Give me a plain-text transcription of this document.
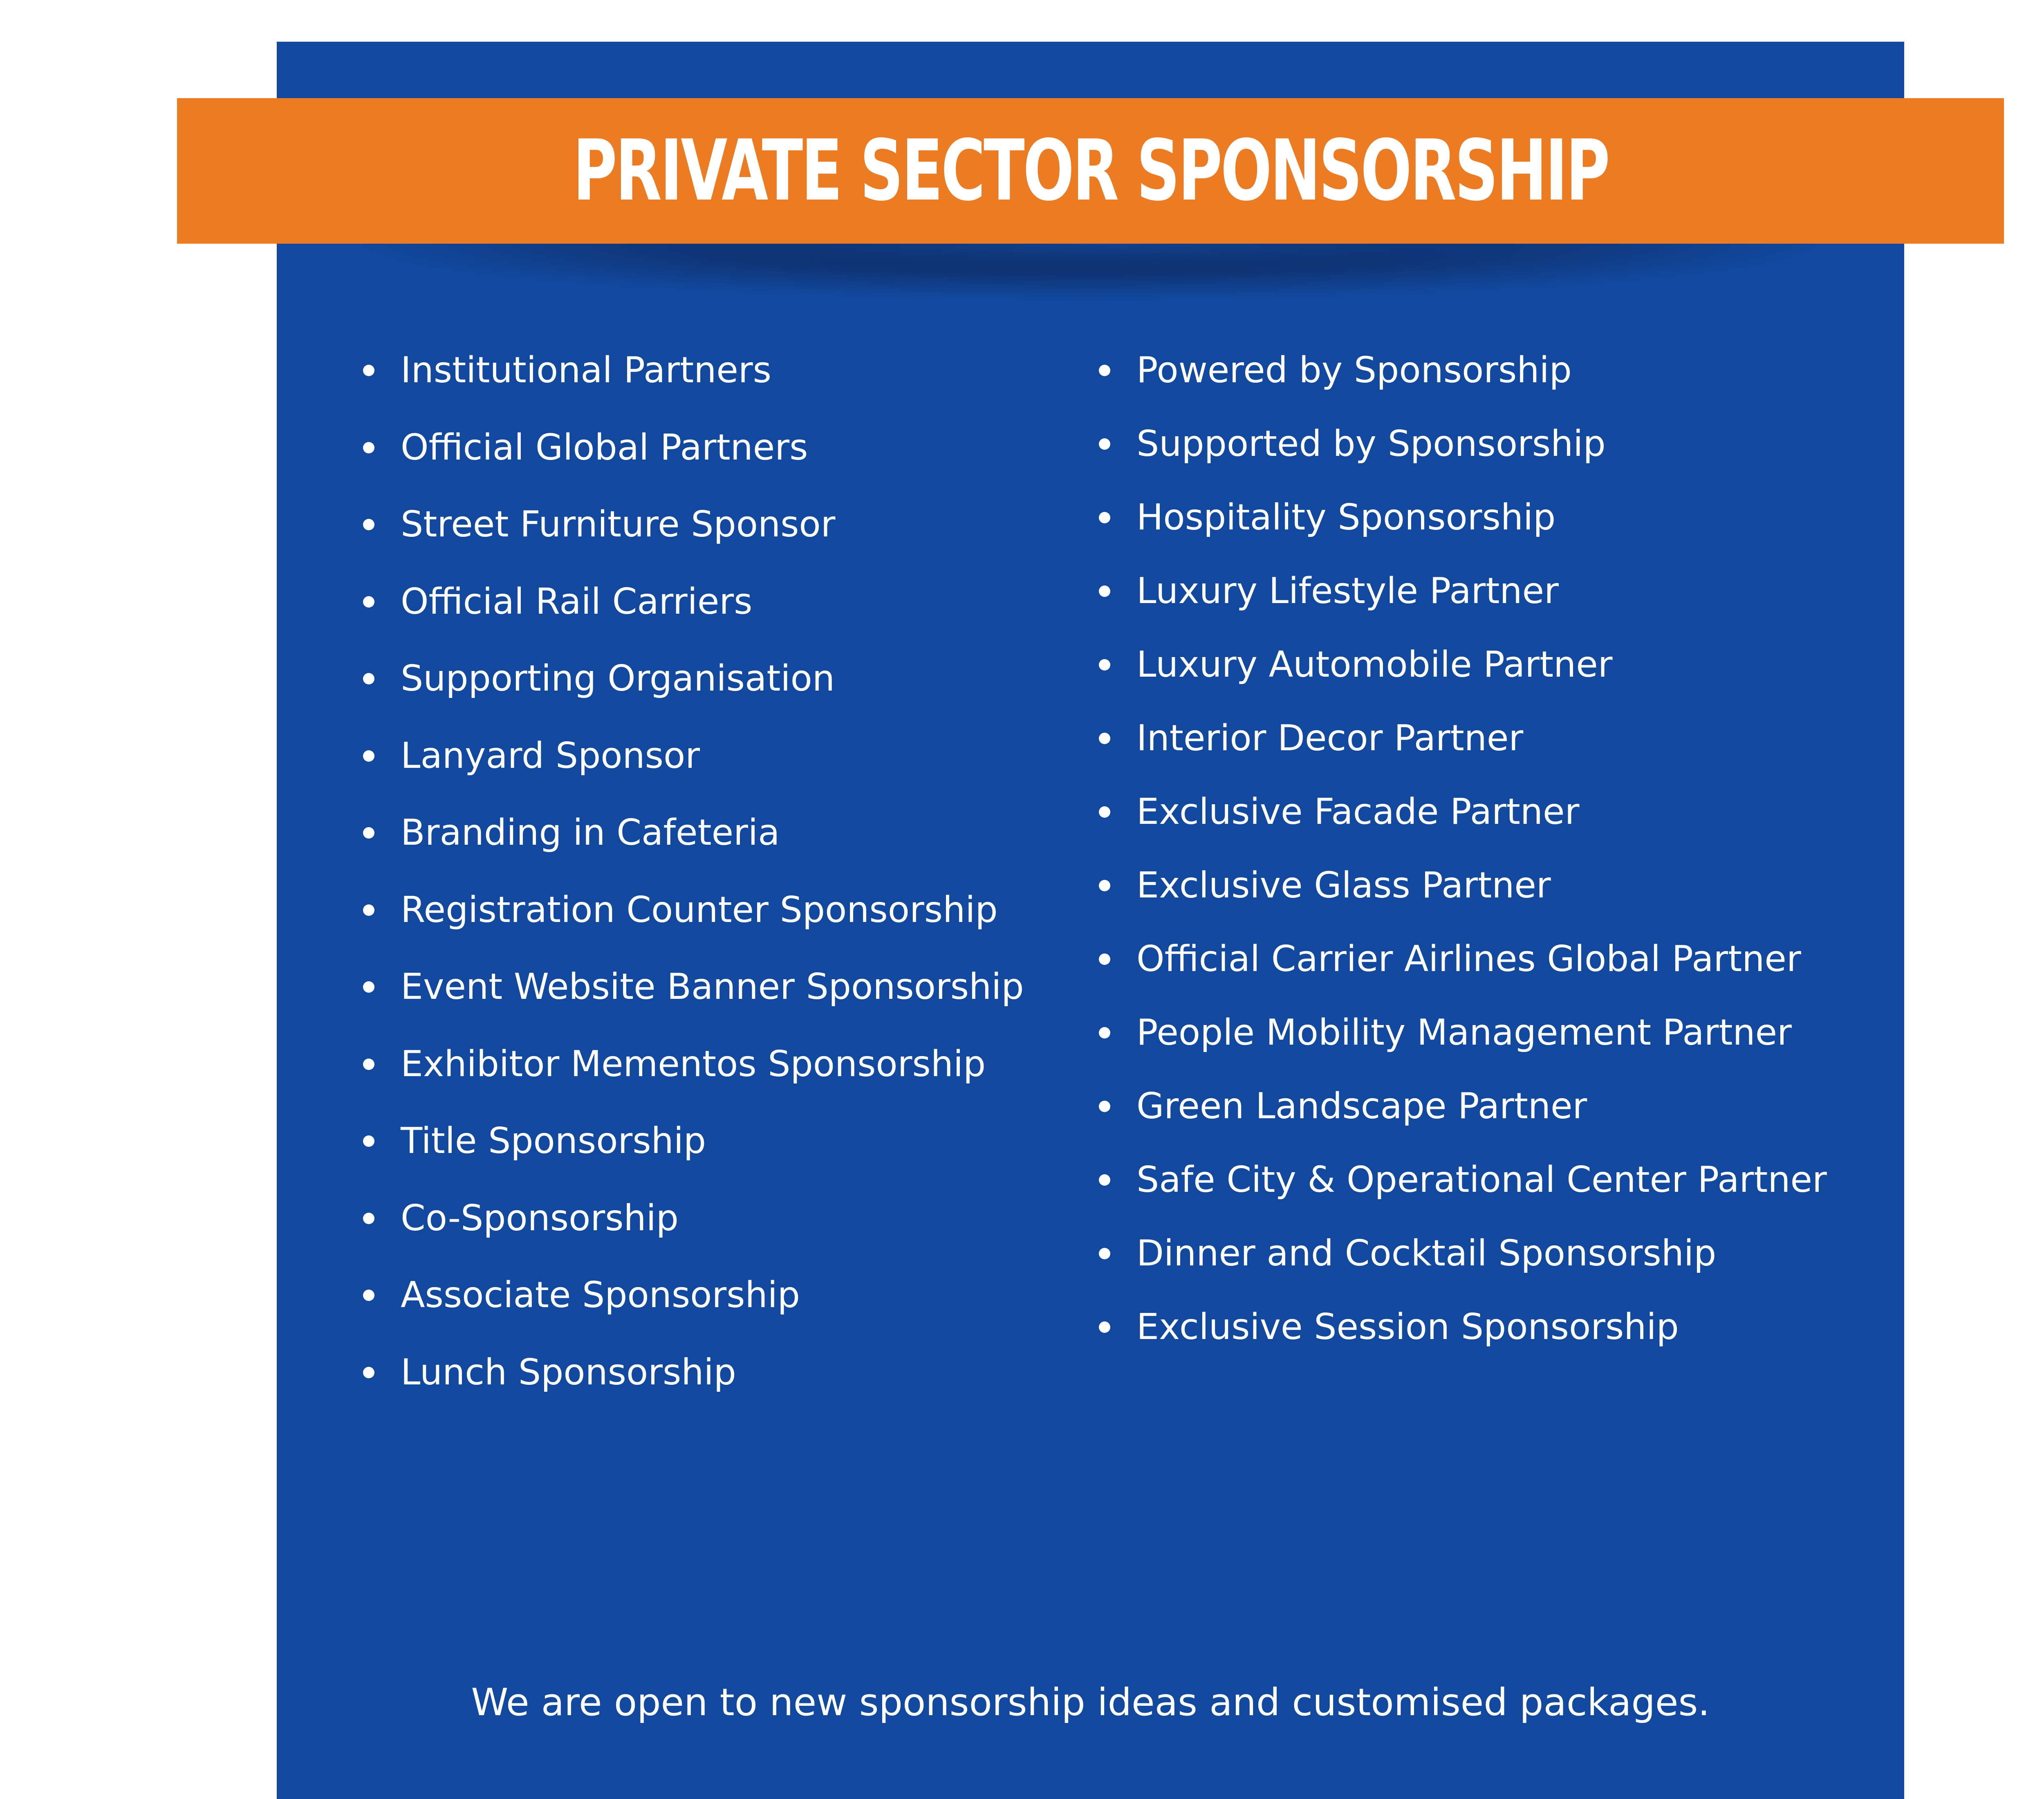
PRIVATE SECTOR SPONSORSHIP
Institutional Partners
Official Global Partners
Street Furniture Sponsor
Official Rail Carriers
Supporting Organisation
Lanyard Sponsor
Branding in Cafeteria
Registration Counter Sponsorship
Event Website Banner Sponsorship
Exhibitor Mementos Sponsorship
Title Sponsorship
Co-Sponsorship
Associate Sponsorship
Lunch Sponsorship
Powered by Sponsorship
Supported by Sponsorship
Hospitality Sponsorship
Luxury Lifestyle Partner
Luxury Automobile Partner
Interior Decor Partner
Exclusive Facade Partner
Exclusive Glass Partner
Official Carrier Airlines Global Partner
People Mobility Management Partner
Green Landscape Partner
Safe City & Operational Center Partner
Dinner and Cocktail Sponsorship
Exclusive Session Sponsorship
We are open to new sponsorship ideas and customised packages.
